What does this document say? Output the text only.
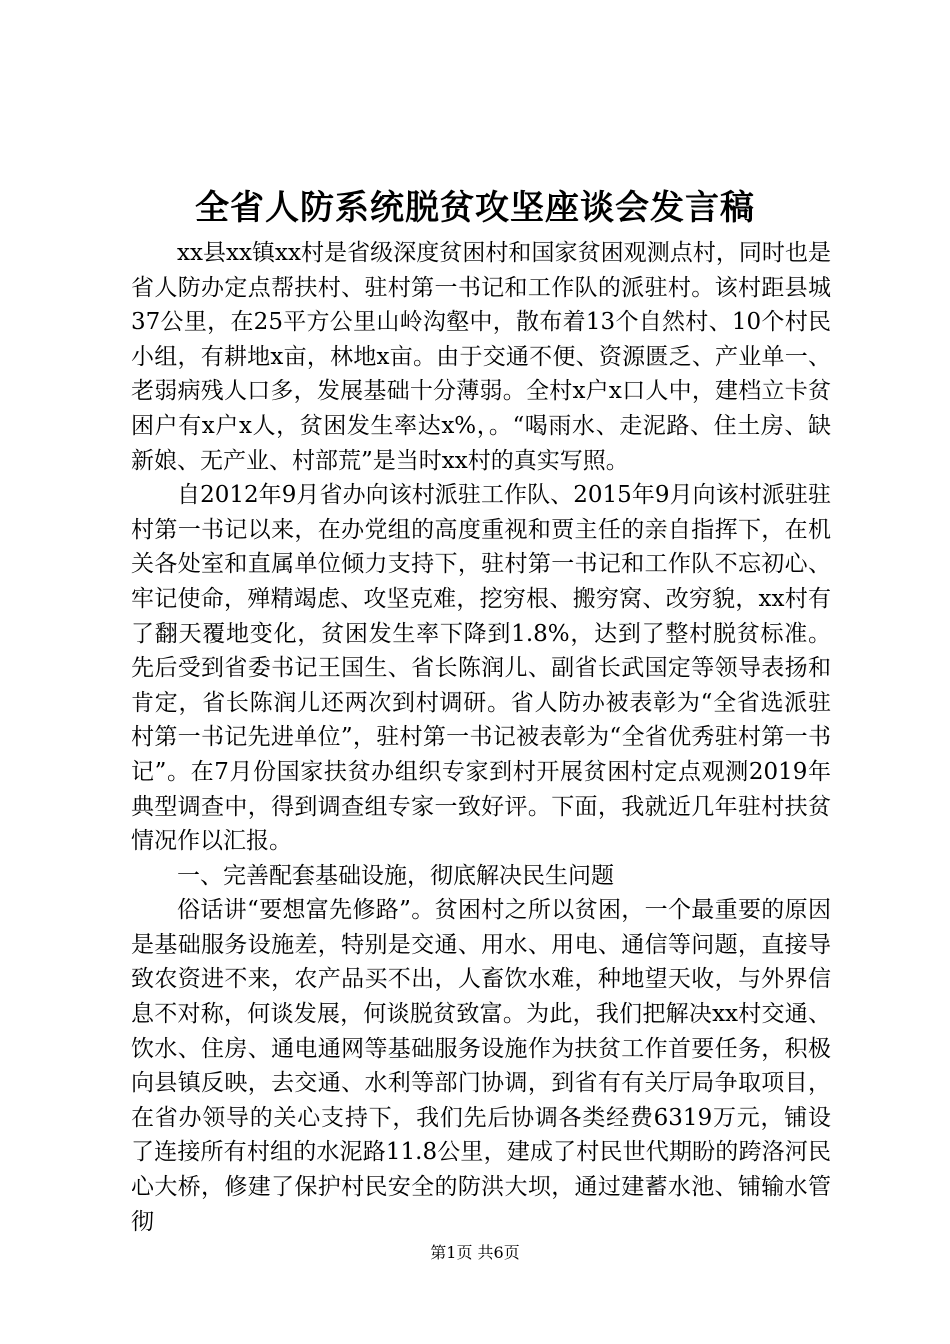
全省人防系统脱贫攻坚座谈会发言稿

xx县xx镇xx村是省级深度贫困村和国家贫困观测点村，同时也是省人防办定点帮扶村、驻村第一书记和工作队的派驻村。该村距县城37公里，在25平方公里山岭沟壑中，散布着13个自然村、10个村民小组，有耕地x亩，林地x亩。由于交通不便、资源匮乏、产业单一、老弱病残人口多，发展基础十分薄弱。全村x户x口人中，建档立卡贫困户有x户x人，贫困发生率达x%，。“喝雨水、走泥路、住土房、缺新娘、无产业、村部荒”是当时xx村的真实写照。

自2012年9月省办向该村派驻工作队、2015年9月向该村派驻驻村第一书记以来，在办党组的高度重视和贾主任的亲自指挥下，在机关各处室和直属单位倾力支持下，驻村第一书记和工作队不忘初心、牢记使命，殚精竭虑、攻坚克难，挖穷根、搬穷窝、改穷貌，xx村有了翻天覆地变化，贫困发生率下降到1.8%，达到了整村脱贫标准。先后受到省委书记王国生、省长陈润儿、副省长武国定等领导表扬和肯定，省长陈润儿还两次到村调研。省人防办被表彰为“全省选派驻村第一书记先进单位”，驻村第一书记被表彰为“全省优秀驻村第一书记”。在7月份国家扶贫办组织专家到村开展贫困村定点观测2019年典型调查中，得到调查组专家一致好评。下面，我就近几年驻村扶贫情况作以汇报。

一、完善配套基础设施，彻底解决民生问题

俗话讲“要想富先修路”。贫困村之所以贫困，一个最重要的原因是基础服务设施差，特别是交通、用水、用电、通信等问题，直接导致农资进不来，农产品买不出，人畜饮水难，种地望天收，与外界信息不对称，何谈发展，何谈脱贫致富。为此，我们把解决xx村交通、饮水、住房、通电通网等基础服务设施作为扶贫工作首要任务，积极向县镇反映，去交通、水利等部门协调，到省有有关厅局争取项目，在省办领导的关心支持下，我们先后协调各类经费6319万元，铺设了连接所有村组的水泥路11.8公里，建成了村民世代期盼的跨洛河民心大桥，修建了保护村民安全的防洪大坝，通过建蓄水池、铺输水管彻

第1页 共6页
